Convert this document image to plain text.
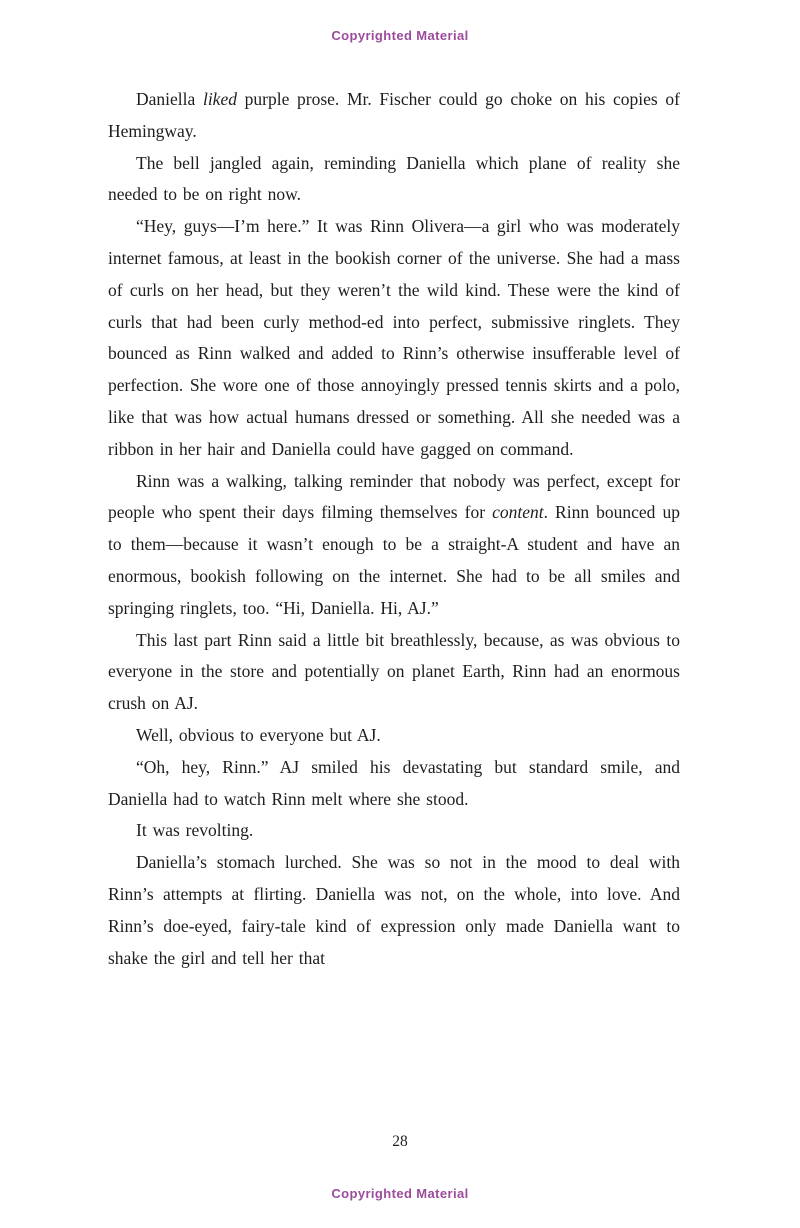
Copyrighted Material

Daniella liked purple prose. Mr. Fischer could go choke on his copies of Hemingway.

The bell jangled again, reminding Daniella which plane of reality she needed to be on right now.

“Hey, guys—I’m here.” It was Rinn Olivera—a girl who was moderately internet famous, at least in the bookish corner of the universe. She had a mass of curls on her head, but they weren’t the wild kind. These were the kind of curls that had been curly method-ed into perfect, submissive ringlets. They bounced as Rinn walked and added to Rinn’s otherwise insufferable level of perfection. She wore one of those annoyingly pressed tennis skirts and a polo, like that was how actual humans dressed or something. All she needed was a ribbon in her hair and Daniella could have gagged on command.

Rinn was a walking, talking reminder that nobody was perfect, except for people who spent their days filming themselves for content. Rinn bounced up to them—because it wasn’t enough to be a straight-A student and have an enormous, bookish following on the internet. She had to be all smiles and springing ringlets, too. “Hi, Daniella. Hi, AJ.”

This last part Rinn said a little bit breathlessly, because, as was obvious to everyone in the store and potentially on planet Earth, Rinn had an enormous crush on AJ.

Well, obvious to everyone but AJ.

“Oh, hey, Rinn.” AJ smiled his devastating but standard smile, and Daniella had to watch Rinn melt where she stood.

It was revolting.

Daniella’s stomach lurched. She was so not in the mood to deal with Rinn’s attempts at flirting. Daniella was not, on the whole, into love. And Rinn’s doe-eyed, fairy-tale kind of expression only made Daniella want to shake the girl and tell her that

28
Copyrighted Material
